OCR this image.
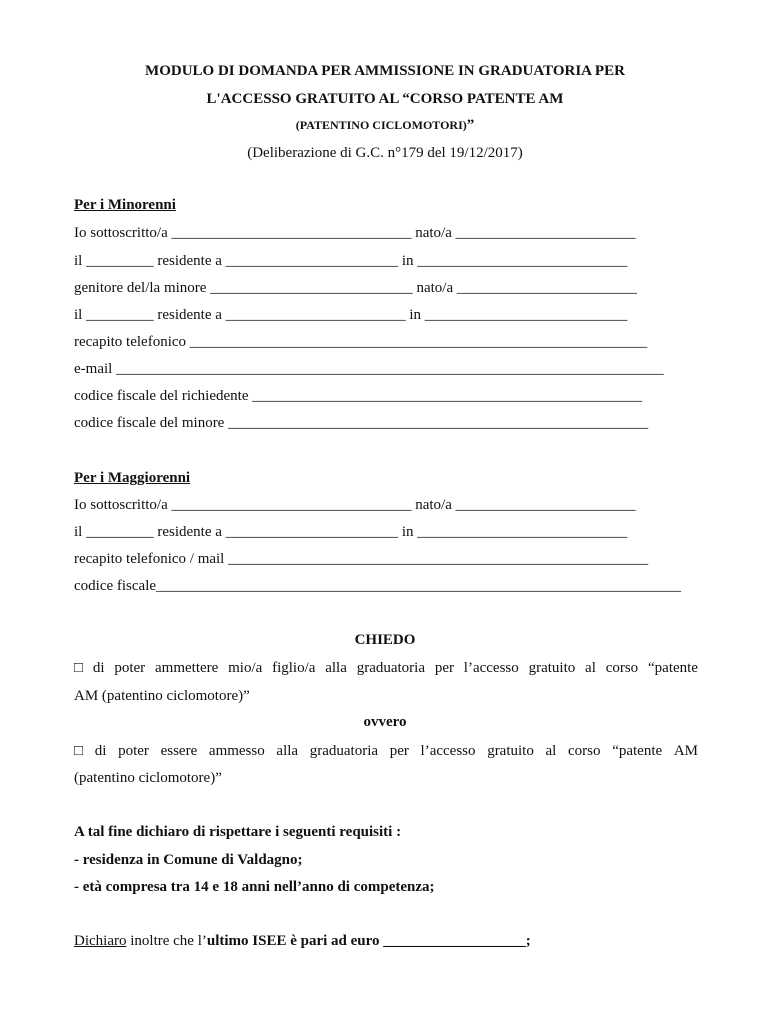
MODULO DI DOMANDA PER AMMISSIONE IN GRADUATORIA PER
L'ACCESSO GRATUITO AL “CORSO PATENTE AM
(PATENTINO CICLOMOTORI)”
(Deliberazione di G.C. n°179 del 19/12/2017)
Per i Minorenni
Io sottoscritto/a ________________________________ nato/a ________________________
il _________ residente a _______________________ in ____________________________
genitore del/la minore ___________________________ nato/a ________________________
il _________ residente a ________________________ in ___________________________
recapito telefonico _____________________________________________________________
e-mail _________________________________________________________________________
codice fiscale del richiedente ____________________________________________________
codice fiscale del minore ________________________________________________________
Per i Maggiorenni
Io sottoscritto/a ________________________________ nato/a ________________________
il _________ residente a _______________________ in ____________________________
recapito telefonico / mail ________________________________________________________
codice fiscale______________________________________________________________________
CHIEDO
□ di poter ammettere mio/a figlio/a alla graduatoria per l’accesso gratuito al corso “patente
AM (patentino ciclomotore)”
ovvero
□ di poter essere ammesso alla graduatoria per l’accesso gratuito al corso “patente AM
(patentino ciclomotore)”
A tal fine dichiaro di rispettare i seguenti requisiti :
- residenza in Comune di Valdagno;
- età compresa tra 14 e 18 anni nell’anno di competenza;
Dichiaro inoltre che l’ultimo ISEE è pari ad euro ___________________;
